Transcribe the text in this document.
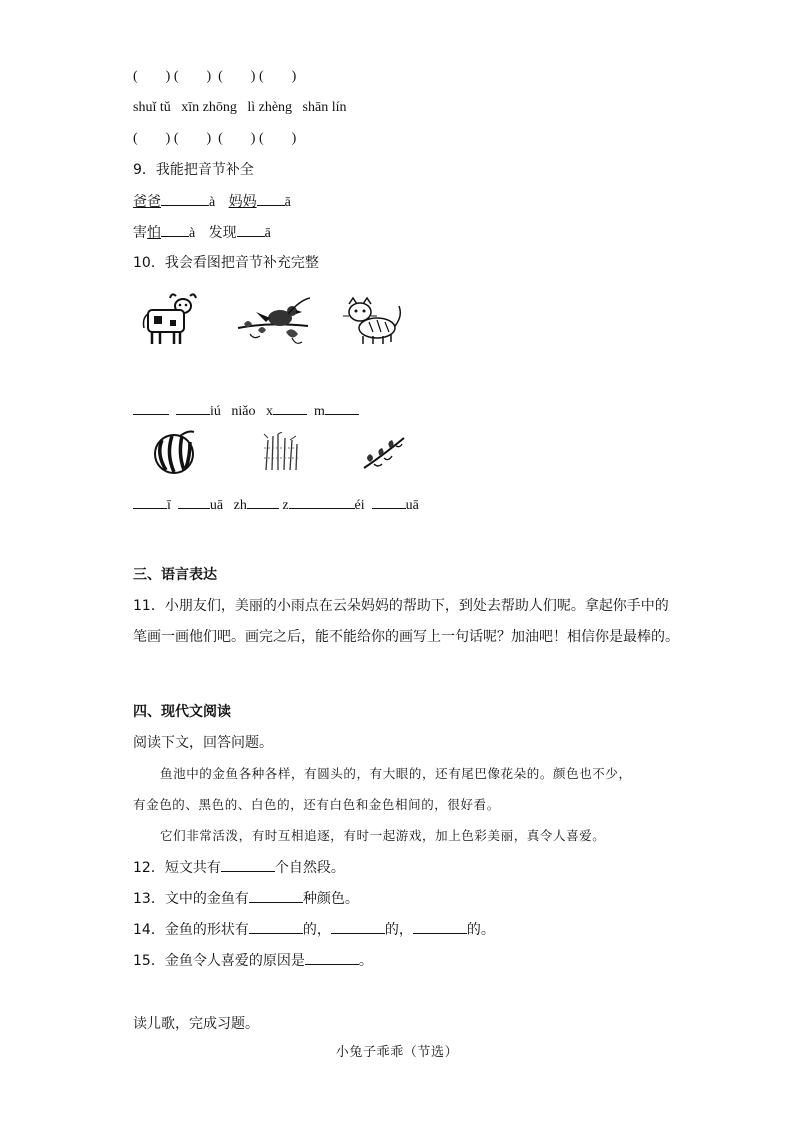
(        ) (        )  (        ) (        )
shuǐ tǔ   xīn zhōng   lì zhèng   shān lín
(        ) (        )  (        ) (        )
9．我能把音节补全
爸爸	à 妈妈 ā
害怕 à 发现 ā
10．我会看图把音节补充完整
iú niǎo x	m
ī	uā zh	z	éi	uā
三、语言表达
11．小朋友们，美丽的小雨点在云朵妈妈的帮助下，到处去帮助人们呢。拿起你手中的
笔画一画他们吧。画完之后，能不能给你的画写上一句话呢？加油吧！相信你是最棒的。
四、现代文阅读
阅读下文，回答问题。
鱼池中的金鱼各种各样，有圆头的，有大眼的，还有尾巴像花朵的。颜色也不少，
有金色的、黑色的、白色的，还有白色和金色相间的，很好看。
它们非常活泼，有时互相追逐，有时一起游戏，加上色彩美丽，真令人喜爱。
12．短文共有	个自然段。
13．文中的金鱼有	种颜色。
14．金鱼的形状有	的，	的，	的。
15．金鱼令人喜爱的原因是	。
读儿歌，完成习题。
小兔子乖乖（节选）
